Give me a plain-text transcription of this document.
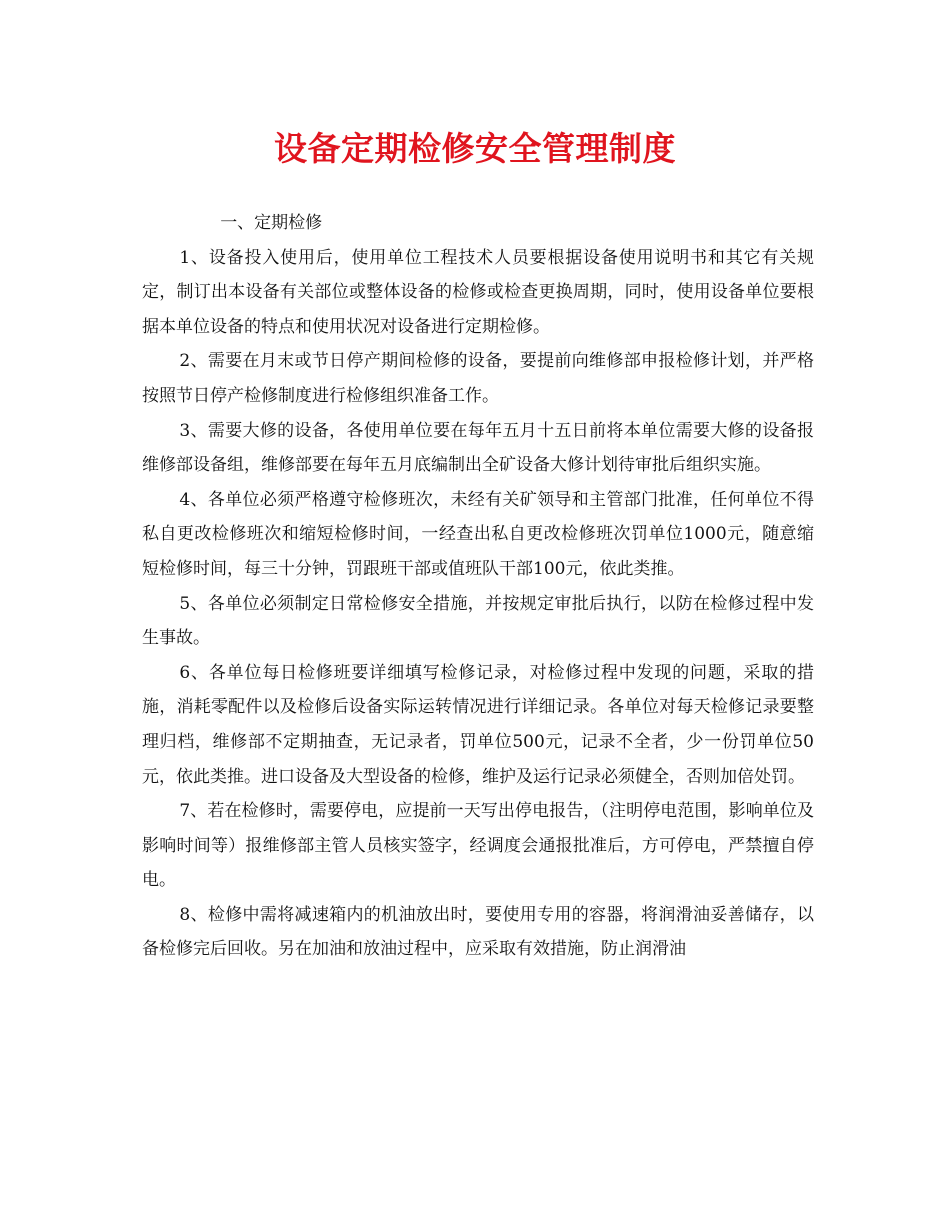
设备定期检修安全管理制度

一、定期检修

1、设备投入使用后，使用单位工程技术人员要根据设备使用说明书和其它有关规定，制订出本设备有关部位或整体设备的检修或检查更换周期，同时，使用设备单位要根据本单位设备的特点和使用状况对设备进行定期检修。

2、需要在月末或节日停产期间检修的设备，要提前向维修部申报检修计划，并严格按照节日停产检修制度进行检修组织准备工作。

3、需要大修的设备，各使用单位要在每年五月十五日前将本单位需要大修的设备报维修部设备组，维修部要在每年五月底编制出全矿设备大修计划待审批后组织实施。

4、各单位必须严格遵守检修班次，未经有关矿领导和主管部门批准，任何单位不得私自更改检修班次和缩短检修时间，一经查出私自更改检修班次罚单位1000元，随意缩短检修时间，每三十分钟，罚跟班干部或值班队干部100元，依此类推。

5、各单位必须制定日常检修安全措施，并按规定审批后执行，以防在检修过程中发生事故。

6、各单位每日检修班要详细填写检修记录，对检修过程中发现的问题，采取的措施，消耗零配件以及检修后设备实际运转情况进行详细记录。各单位对每天检修记录要整理归档，维修部不定期抽查，无记录者，罚单位500元，记录不全者，少一份罚单位50元，依此类推。进口设备及大型设备的检修，维护及运行记录必须健全，否则加倍处罚。

7、若在检修时，需要停电，应提前一天写出停电报告，（注明停电范围，影响单位及影响时间等）报维修部主管人员核实签字，经调度会通报批准后，方可停电，严禁擅自停电。

8、检修中需将减速箱内的机油放出时，要使用专用的容器，将润滑油妥善储存，以备检修完后回收。另在加油和放油过程中，应采取有效措施，防止润滑油
